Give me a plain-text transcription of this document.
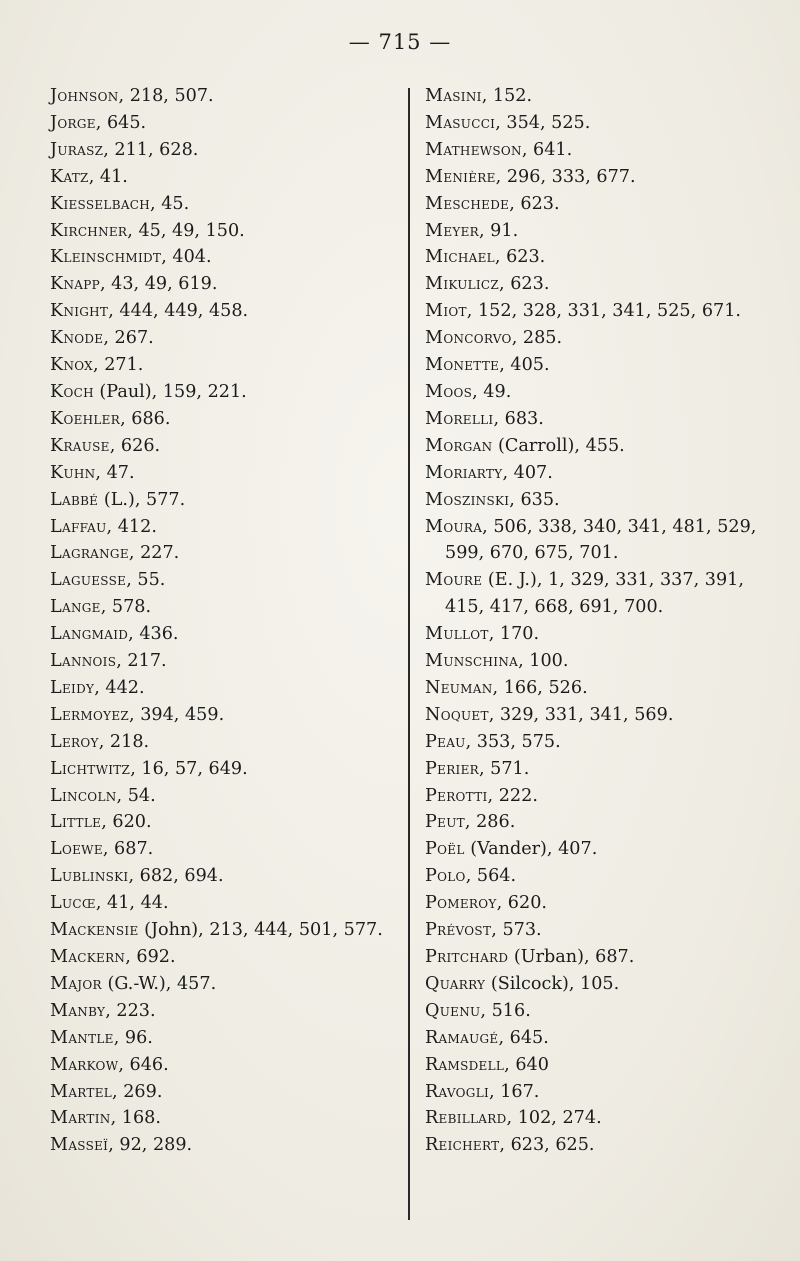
— 715 —
Johnson, 218, 507.
Jorge, 645.
Jurasz, 211, 628.
Katz, 41.
Kiesselbach, 45.
Kirchner, 45, 49, 150.
Kleinschmidt, 404.
Knapp, 43, 49, 619.
Knight, 444, 449, 458.
Knode, 267.
Knox, 271.
Koch (Paul), 159, 221.
Koehler, 686.
Krause, 626.
Kuhn, 47.
Labbé (L.), 577.
Laffau, 412.
Lagrange, 227.
Laguesse, 55.
Lange, 578.
Langmaid, 436.
Lannois, 217.
Leidy, 442.
Lermoyez, 394, 459.
Leroy, 218.
Lichtwitz, 16, 57, 649.
Lincoln, 54.
Little, 620.
Loewe, 687.
Lublinski, 682, 694.
Lucœ, 41, 44.
Mackensie (John), 213, 444, 501, 577.
Mackern, 692.
Major (G.-W.), 457.
Manby, 223.
Mantle, 96.
Markow, 646.
Martel, 269.
Martin, 168.
Masseï, 92, 289.
Masini, 152.
Masucci, 354, 525.
Mathewson, 641.
Menière, 296, 333, 677.
Meschede, 623.
Meyer, 91.
Michael, 623.
Mikulicz, 623.
Miot, 152, 328, 331, 341, 525, 671.
Moncorvo, 285.
Monette, 405.
Moos, 49.
Morelli, 683.
Morgan (Carroll), 455.
Moriarty, 407.
Moszinski, 635.
Moura, 506, 338, 340, 341, 481, 529, 599, 670, 675, 701.
Moure (E. J.), 1, 329, 331, 337, 391, 415, 417, 668, 691, 700.
Mullot, 170.
Munschina, 100.
Neuman, 166, 526.
Noquet, 329, 331, 341, 569.
Peau, 353, 575.
Perier, 571.
Perotti, 222.
Peut, 286.
Poël (Vander), 407.
Polo, 564.
Pomeroy, 620.
Prévost, 573.
Pritchard (Urban), 687.
Quarry (Silcock), 105.
Quenu, 516.
Ramaugé, 645.
Ramsdell, 640
Ravogli, 167.
Rebillard, 102, 274.
Reichert, 623, 625.
